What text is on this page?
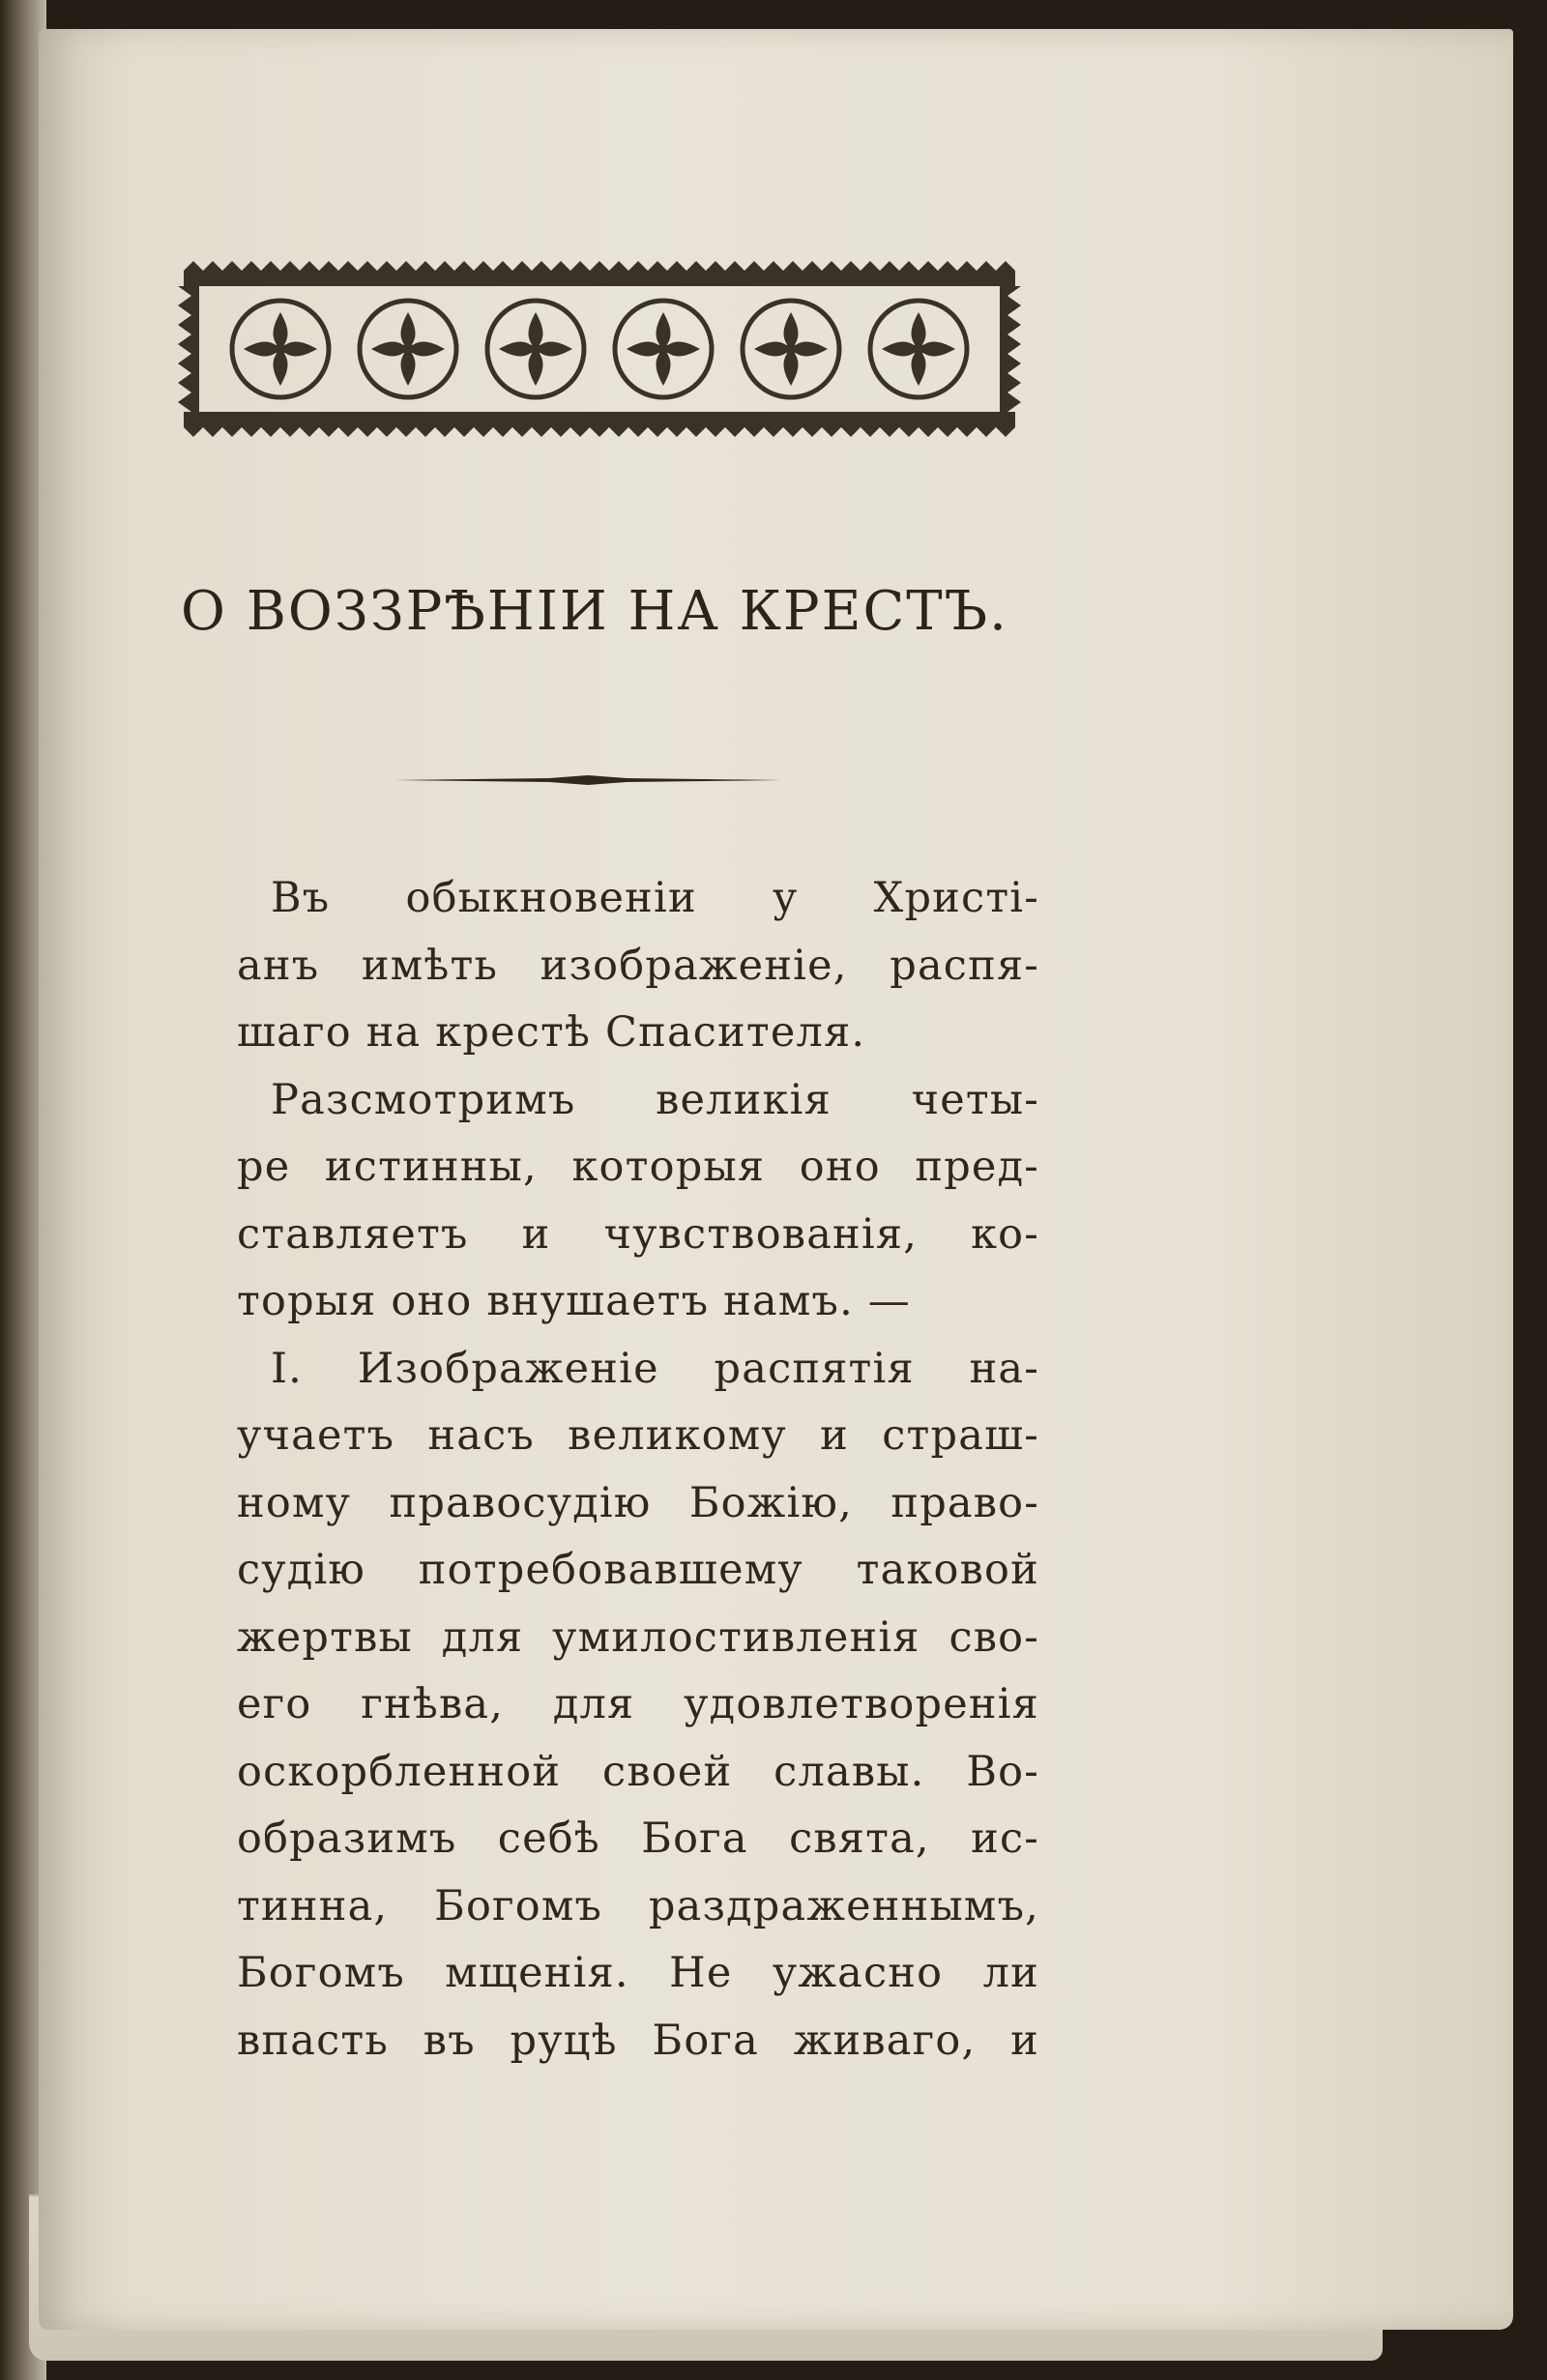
О ВОЗЗРѢНІИ НА КРЕСТЪ.
Въ обыкновеніи у Христі-
анъ имѣть изображеніе, распя-
шаго на крестѣ Спасителя.
Разсмотримъ великія четы-
ре истинны, которыя оно пред-
ставляетъ и чувствованія, ко-
торыя оно внушаетъ намъ. —
I. Изображеніе распятія на-
учаетъ насъ великому и страш-
ному правосудію Божію, право-
судію потребовавшему таковой
жертвы для умилостивленія сво-
его гнѣва, для удовлетворенія
оскорбленной своей славы. Во-
образимъ себѣ Бога свята, ис-
тинна, Богомъ раздраженнымъ,
Богомъ мщенія. Не ужасно ли
впасть въ руцѣ Бога живаго, и
